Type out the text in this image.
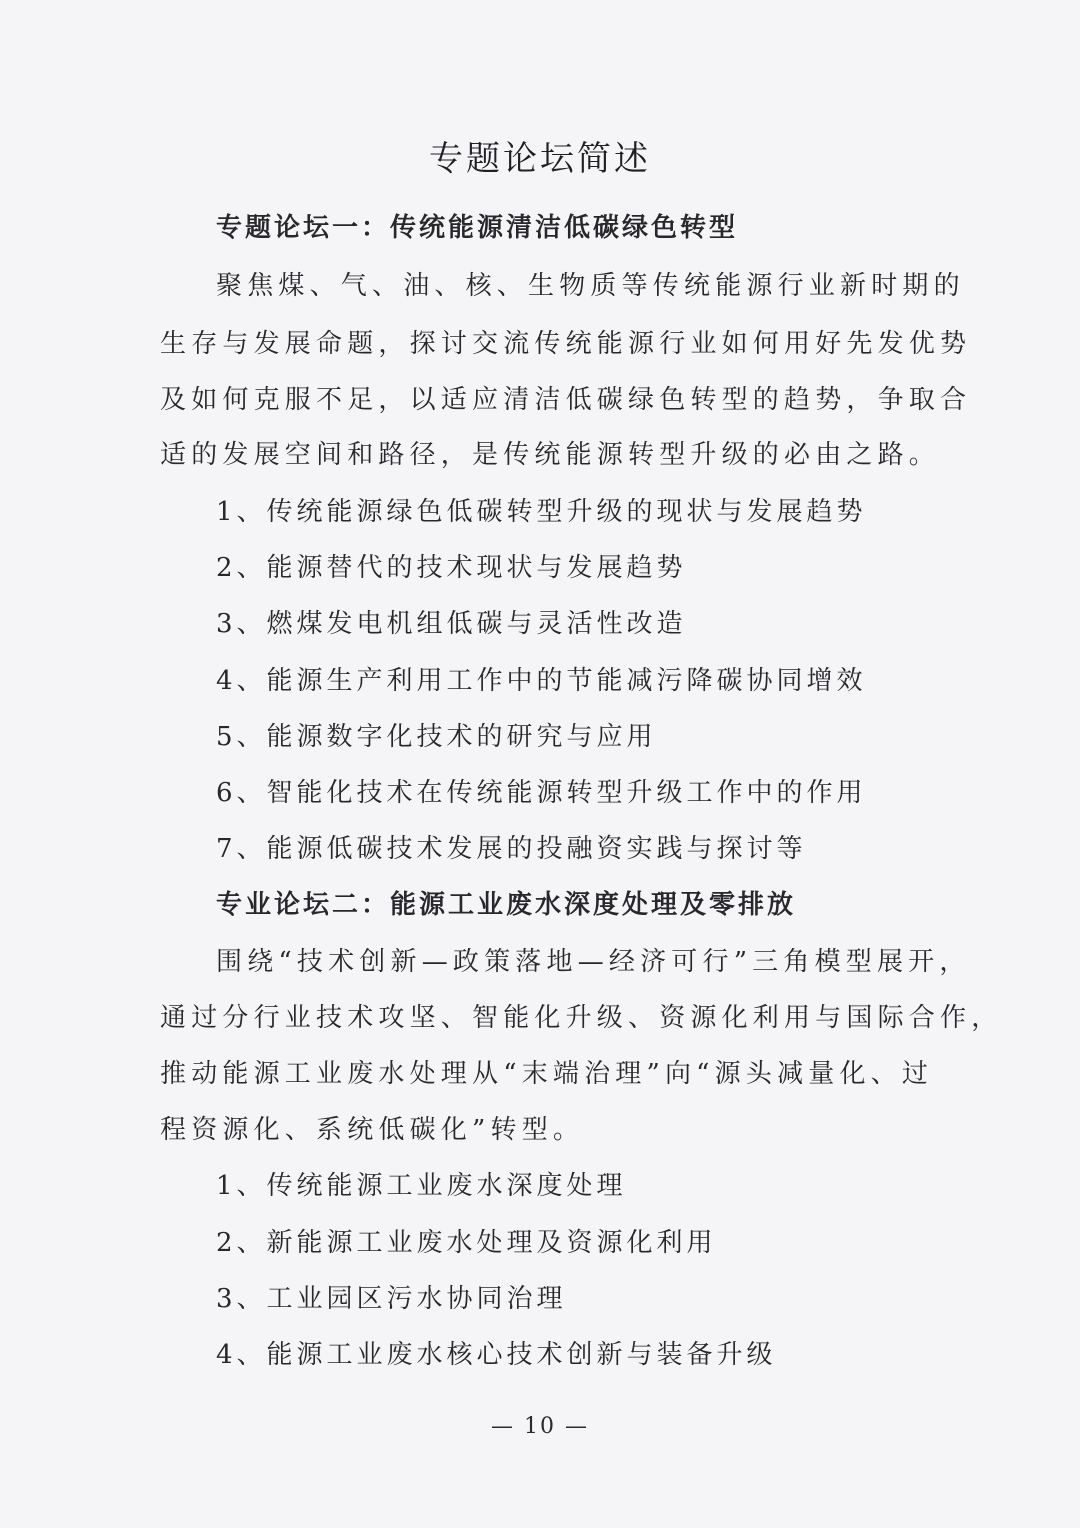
专题论坛简述
专题论坛一：传统能源清洁低碳绿色转型
聚焦煤、气、油、核、生物质等传统能源行业新时期的
生存与发展命题，探讨交流传统能源行业如何用好先发优势
及如何克服不足，以适应清洁低碳绿色转型的趋势，争取合
适的发展空间和路径，是传统能源转型升级的必由之路。
1、传统能源绿色低碳转型升级的现状与发展趋势
2、能源替代的技术现状与发展趋势
3、燃煤发电机组低碳与灵活性改造
4、能源生产利用工作中的节能减污降碳协同增效
5、能源数字化技术的研究与应用
6、智能化技术在传统能源转型升级工作中的作用
7、能源低碳技术发展的投融资实践与探讨等
专业论坛二：能源工业废水深度处理及零排放
围绕“技术创新—政策落地—经济可行”三角模型展开，
通过分行业技术攻坚、智能化升级、资源化利用与国际合作，
推动能源工业废水处理从“末端治理”向“源头减量化、过
程资源化、系统低碳化”转型。
1、传统能源工业废水深度处理
2、新能源工业废水处理及资源化利用
3、工业园区污水协同治理
4、能源工业废水核心技术创新与装备升级
— 10 —
